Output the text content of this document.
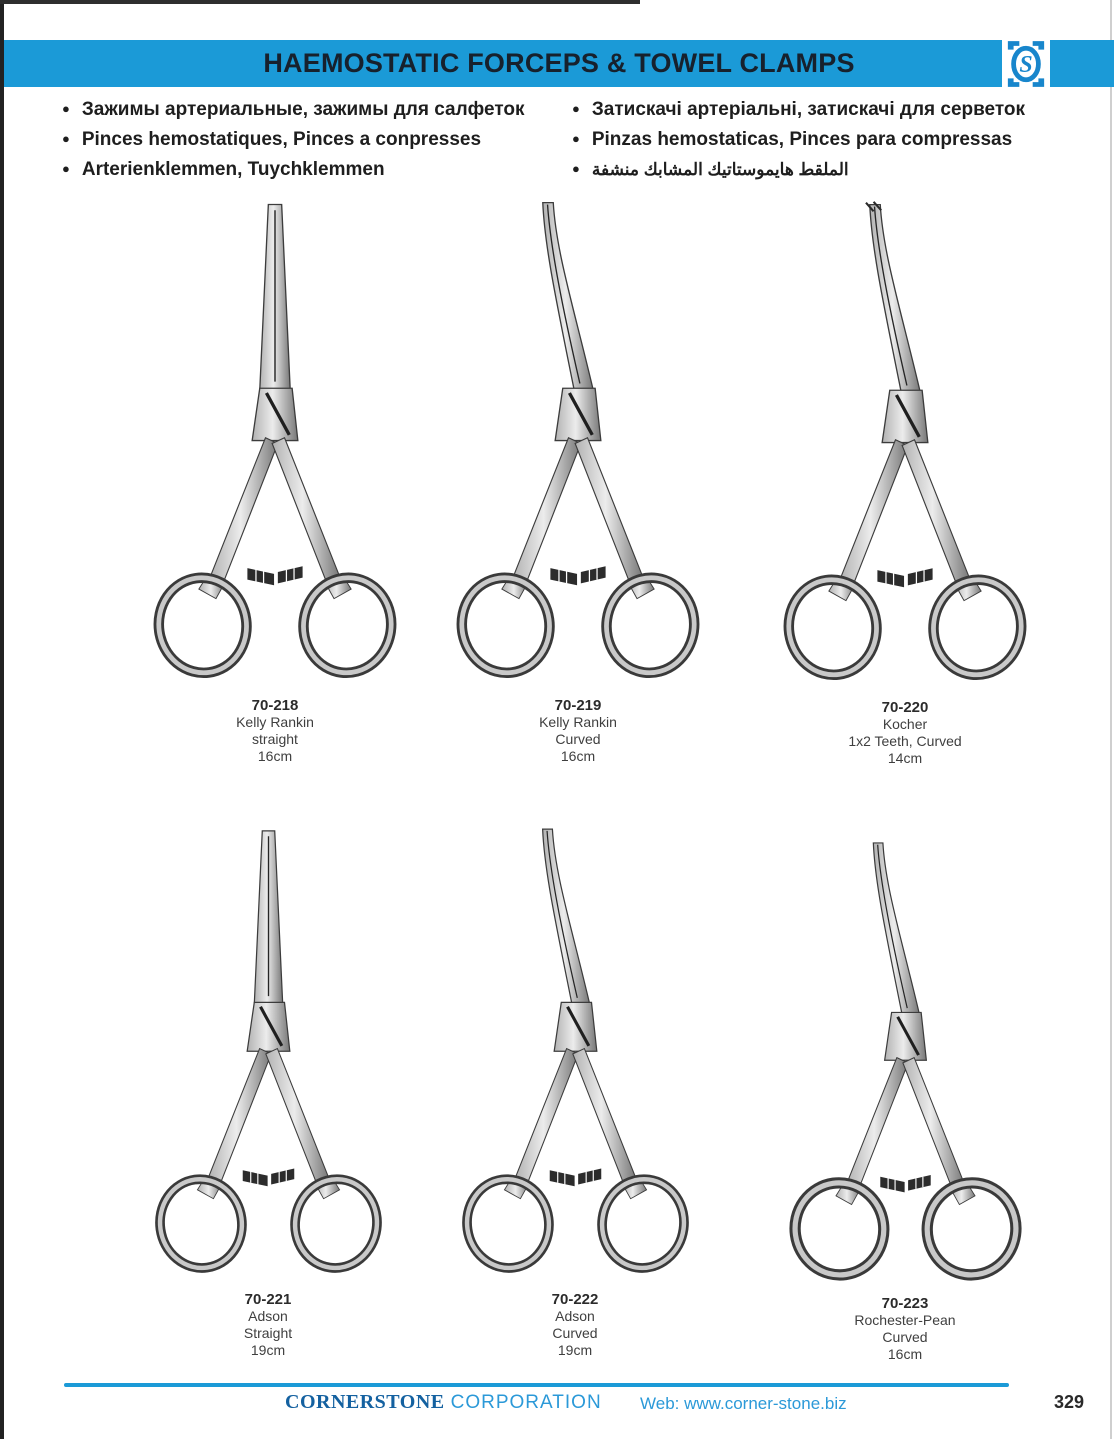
HAEMOSTATIC FORCEPS & TOWEL CLAMPS	S
● Зажимы артериальные, зажимы для салфеток
● Pinces hemostatiques, Pinces a conpresses
● Arterienklemmen, Tuychklemmen
● Затискачі артеріальні, затискачі для серветок
● Pinzas hemostaticas, Pinces para compressas
● الملقط هايموستاتيك المشابك منشفة
70-218
Kelly Rankin
straight
16cm
70-219
Kelly Rankin
Curved
16cm
70-220
Kocher
1x2 Teeth, Curved
14cm
70-221
Adson
Straight
19cm
70-222
Adson
Curved
19cm
70-223
Rochester-Pean
Curved
16cm
CORNERSTONE CORPORATION Web: www.corner-stone.biz	329
